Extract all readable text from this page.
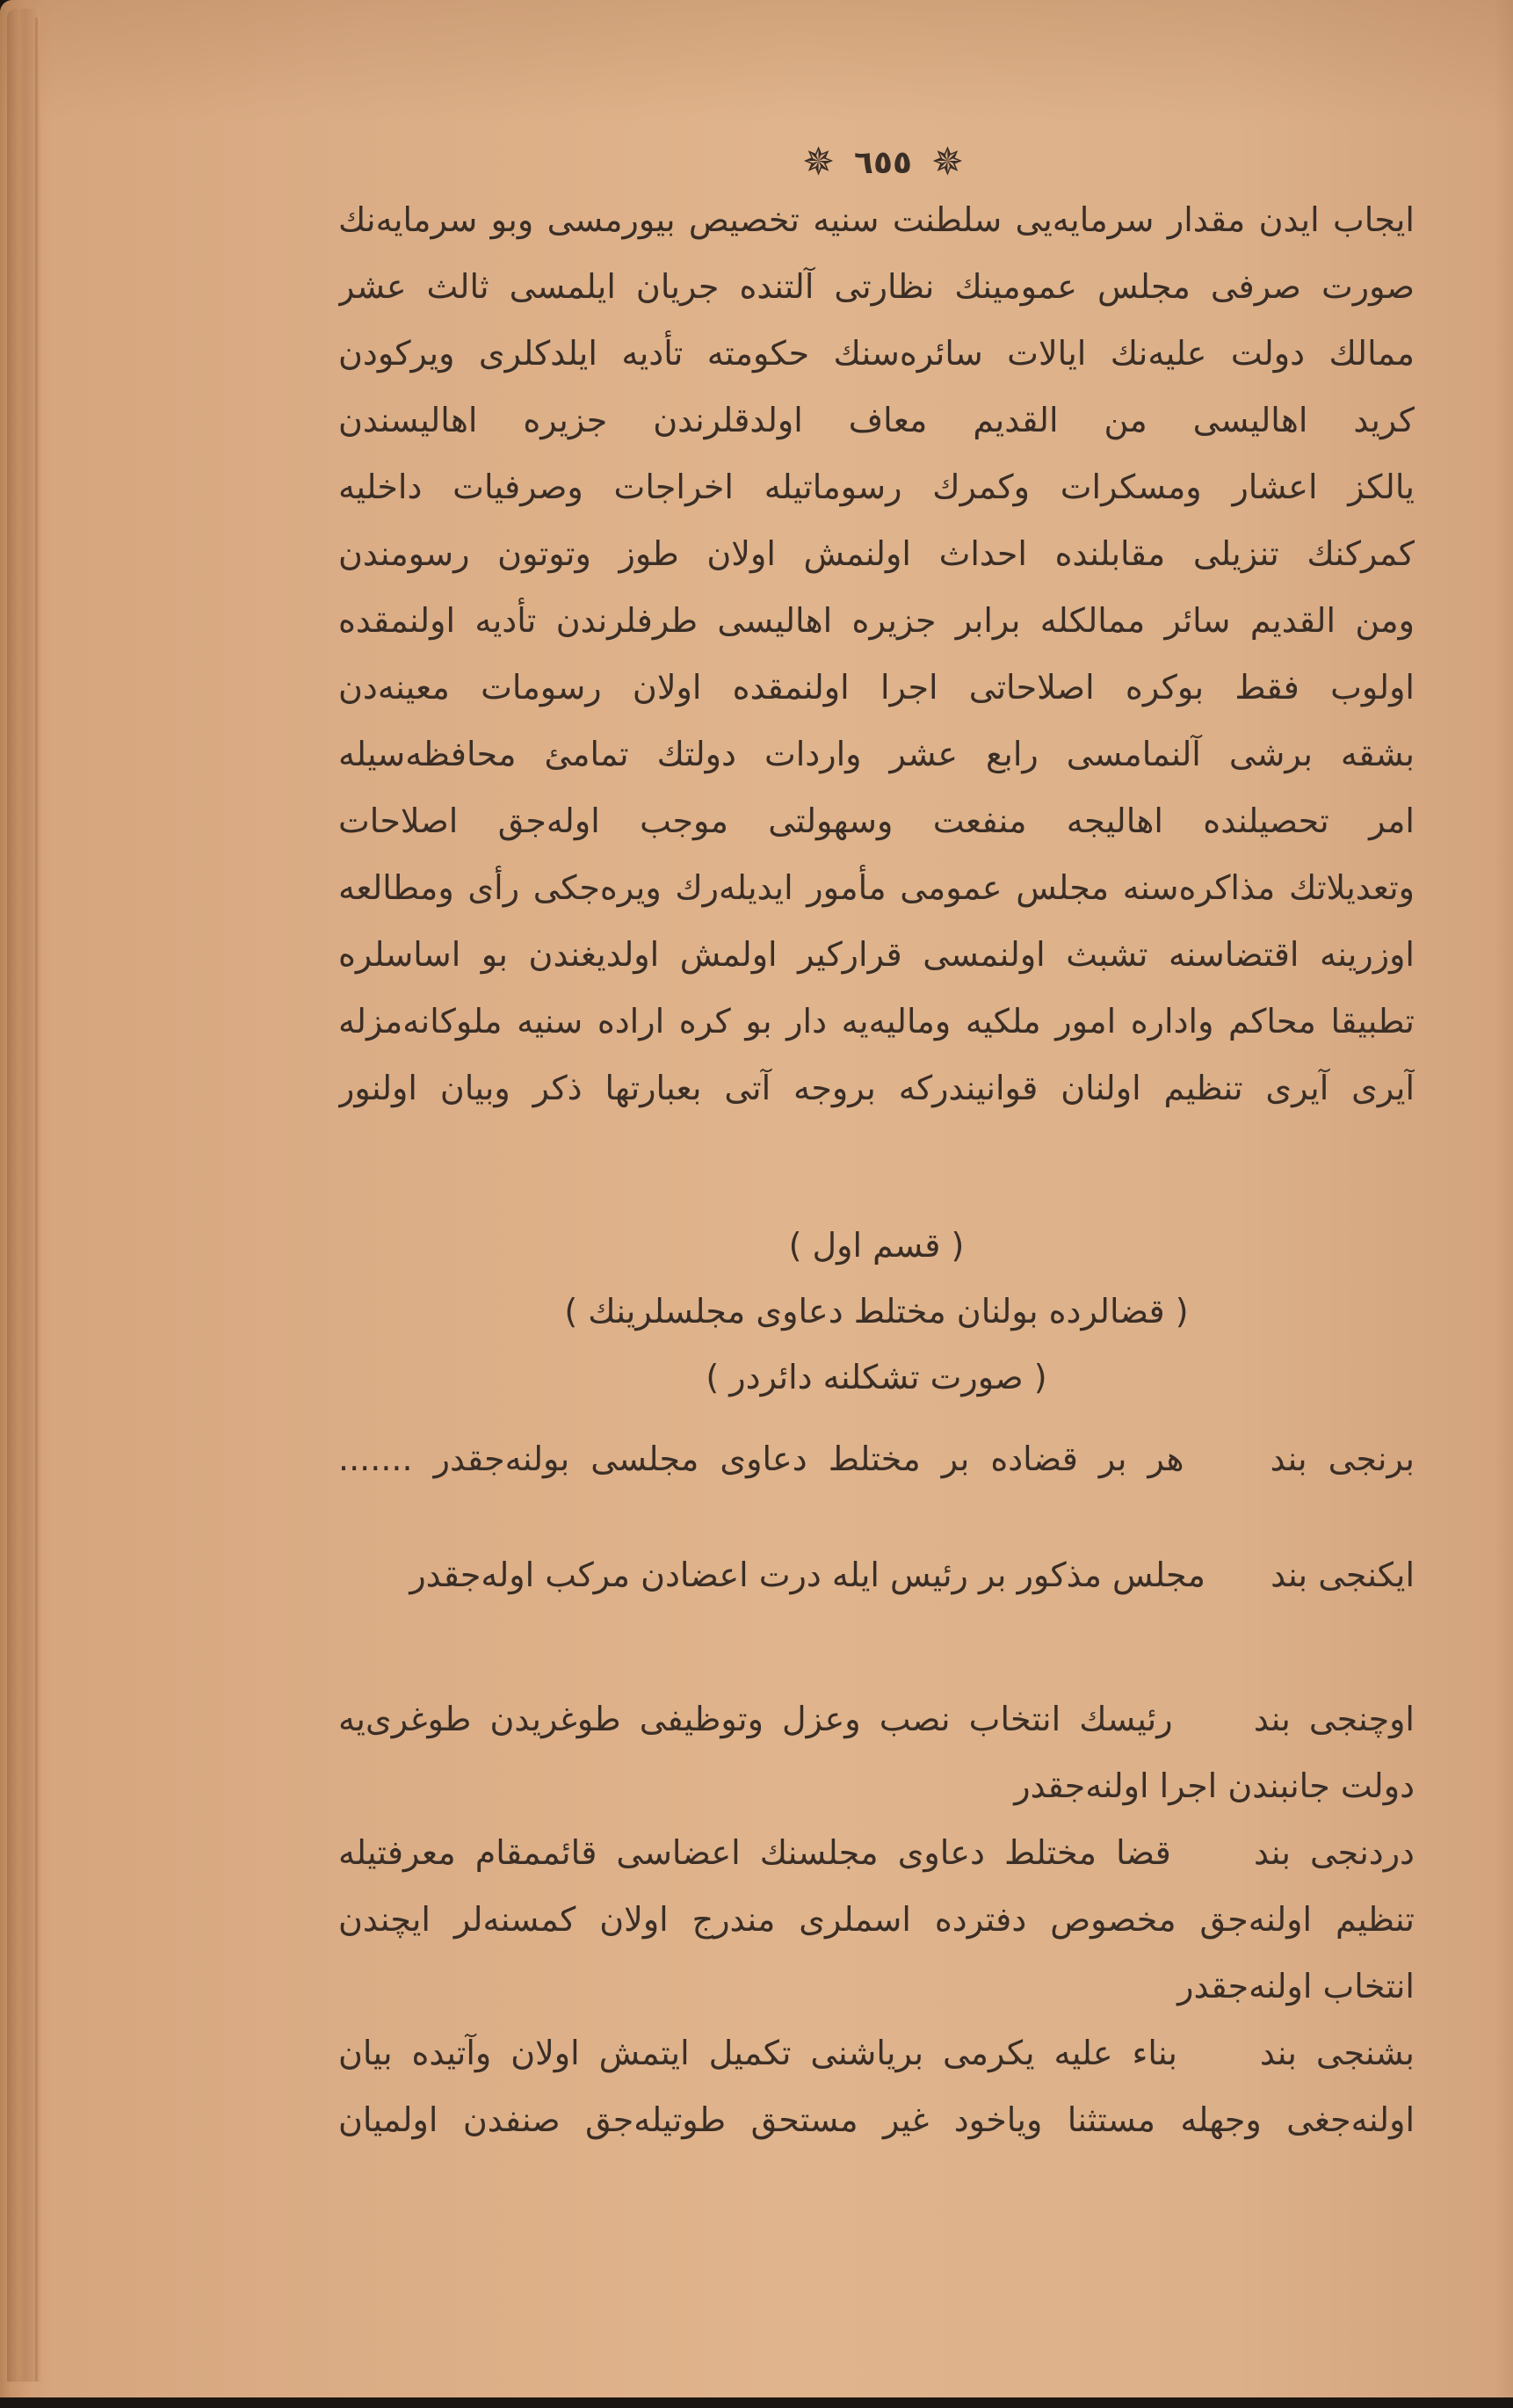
✵ ٦٥٥ ✵
ايجاب ايدن مقدار سرمايه‌يى سلطنت سنيه تخصيص بيورمسى وبو سرمايه‌نك
صورت صرفى مجلس عمومينك نظارتى آلتنده جريان ايلمسى ثالث عشر
ممالك دولت عليه‌نك ايالات سائره‌سنك حكومته تأديه ايلدكلرى ويركودن
كريد اهاليسى من القديم معاف اولدقلرندن جزيره اهاليسندن
يالكز اعشار ومسكرات وكمرك رسوماتيله اخراجات وصرفيات داخليه
كمركنك تنزيلى مقابلنده احداث اولنمش اولان طوز وتوتون رسومندن
ومن القديم سائر ممالكله برابر جزيره اهاليسى طرفلرندن تأديه اولنمقده
اولوب فقط بوكره اصلاحاتى اجرا اولنمقده اولان رسومات معينه‌دن
بشقه برشى آلنمامسى رابع عشر واردات دولتك تمامئ محافظه‌سيله
امر تحصيلنده اهاليجه منفعت وسهولتى موجب اوله‌جق اصلاحات
وتعديلاتك مذاكره‌سنه مجلس عمومى مأمور ايديله‌رك ويره‌جكى رأى ومطالعه
اوزرينه اقتضاسنه تشبث اولنمسى قراركير اولمش اولديغندن بو اساسلره
تطبيقا محاكم واداره امور ملكيه وماليه‌يه دار بو كره اراده سنيه ملوكانه‌مزله
آيرى آيرى تنظيم اولنان قوانيندركه بروجه آتى بعبارتها ذكر وبيان اولنور
( قسم اول )
( قضالرده بولنان مختلط دعاوى مجلسلرينك )
( صورت تشكلنه دائردر )
برنجى بند  هر بر قضاده بر مختلط دعاوى مجلسى بولنه‌جقدر .......
ايكنجى بند  مجلس مذكور بر رئيس ايله درت اعضادن مركب اوله‌جقدر
اوچنجى بند  رئيسك انتخاب نصب وعزل وتوظيفى طوغريدن طوغرى‌يه
دولت جانبندن اجرا اولنه‌جقدر
دردنجى بند  قضا مختلط دعاوى مجلسنك اعضاسى قائممقام معرفتيله
تنظيم اولنه‌جق مخصوص دفترده اسملرى مندرج اولان كمسنه‌لر ايچندن
انتخاب اولنه‌جقدر
بشنجى بند  بناء عليه يكرمى برياشنى تكميل ايتمش اولان وآتيده بيان
اولنه‌جغى وجهله مستثنا وياخود غير مستحق طوتيله‌جق صنفدن اولميان
